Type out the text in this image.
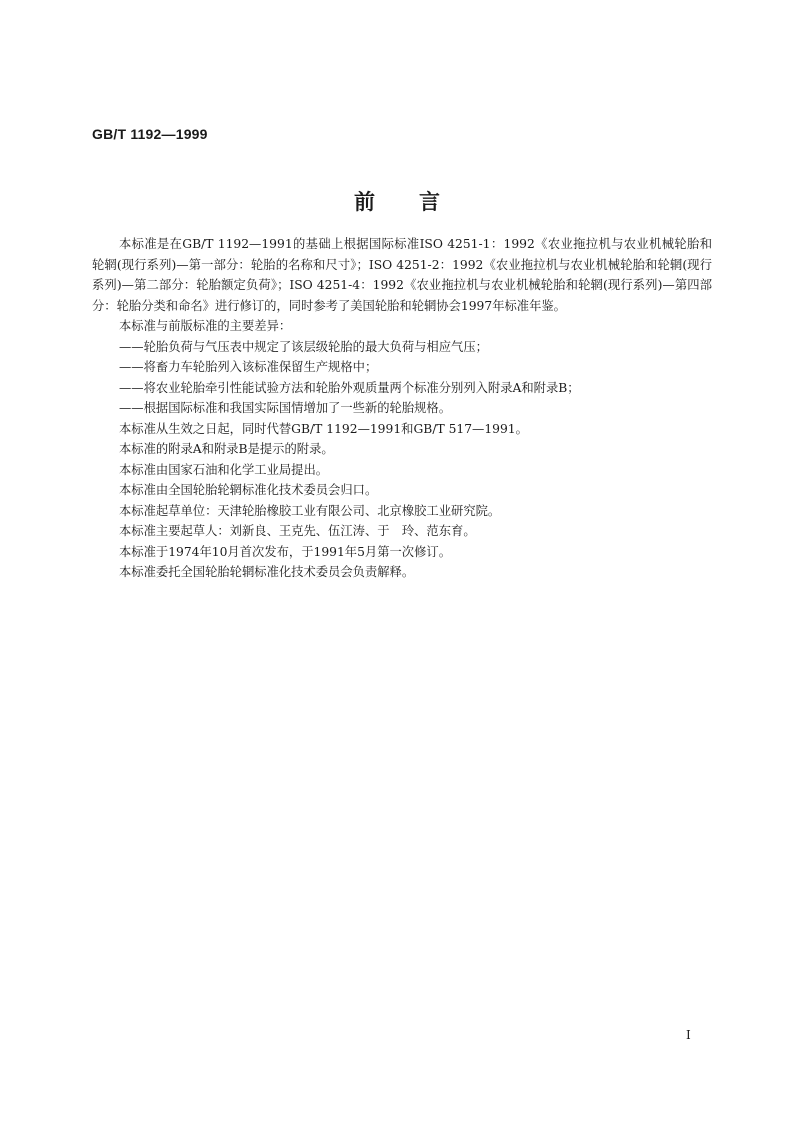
GB/T 1192—1999
前言

本标准是在GB/T 1192—1991的基础上根据国际标准ISO 4251-1：1992《农业拖拉机与农业机械轮胎和轮辋(现行系列)—第一部分：轮胎的名称和尺寸》；ISO 4251-2：1992《农业拖拉机与农业机械轮胎和轮辋(现行系列)—第二部分：轮胎额定负荷》；ISO 4251-4：1992《农业拖拉机与农业机械轮胎和轮辋(现行系列)—第四部分：轮胎分类和命名》进行修订的，同时参考了美国轮胎和轮辋协会1997年标准年鉴。

本标准与前版标准的主要差异：

——轮胎负荷与气压表中规定了该层级轮胎的最大负荷与相应气压；

——将畜力车轮胎列入该标准保留生产规格中；

——将农业轮胎牵引性能试验方法和轮胎外观质量两个标准分别列入附录A和附录B；

——根据国际标准和我国实际国情增加了一些新的轮胎规格。

本标准从生效之日起，同时代替GB/T 1192—1991和GB/T 517—1991。

本标准的附录A和附录B是提示的附录。

本标准由国家石油和化学工业局提出。

本标准由全国轮胎轮辋标准化技术委员会归口。

本标准起草单位：天津轮胎橡胶工业有限公司、北京橡胶工业研究院。

本标准主要起草人：刘新良、王克先、伍江涛、于　玲、范东育。

本标准于1974年10月首次发布，于1991年5月第一次修订。

本标准委托全国轮胎轮辋标准化技术委员会负责解释。

I
